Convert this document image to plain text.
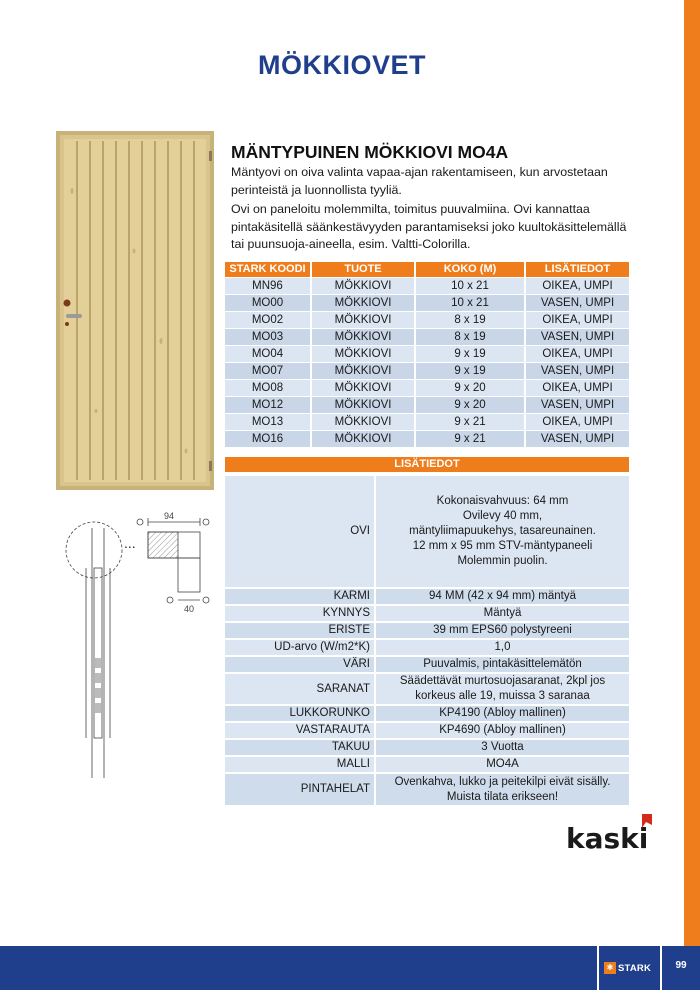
MÖKKIOVET
94
40
...
MÄNTYPUINEN MÖKKIOVI MO4A

Mäntyovi on oiva valinta vapaa-ajan rakentamiseen, kun arvostetaan perinteistä ja luonnollista tyyliä.

Ovi on paneloitu molemmilta, toimitus puuvalmiina. Ovi kannattaa pintakäsitellä säänkestävyyden parantamiseksi joko kuultokäsittelemällä tai puunsuoja-aineella, esim. Valtti-Colorilla.

STARK KOODI	TUOTE	KOKO (M)	LISÄTIEDOT
MN96	MÖKKIOVI	10 x 21	OIKEA, UMPI
MO00	MÖKKIOVI	10 x 21	VASEN, UMPI
MO02	MÖKKIOVI	8 x 19	OIKEA, UMPI
MO03	MÖKKIOVI	8 x 19	VASEN, UMPI
MO04	MÖKKIOVI	9 x 19	OIKEA, UMPI
MO07	MÖKKIOVI	9 x 19	VASEN, UMPI
MO08	MÖKKIOVI	9 x 20	OIKEA, UMPI
MO12	MÖKKIOVI	9 x 20	VASEN, UMPI
MO13	MÖKKIOVI	9 x 21	OIKEA, UMPI
MO16	MÖKKIOVI	9 x 21	VASEN, UMPI
LISÄTIEDOT
OVI	Kokonaisvahvuus: 64 mm
Ovilevy 40 mm, mäntyliimapuukehys, tasareunainen.
12 mm x 95 mm STV-mäntypaneeli
Molemmin puolin.

KARMI	94 MM (42 x 94 mm) mäntyä

KYNNYS	Mäntyä

ERISTE	39 mm EPS60 polystyreeni

UD-arvo (W/m2*K)	1,0

VÄRI	Puuvalmis, pintakäsittelemätön

SARANAT	Säädettävät murtosuojasaranat, 2kpl jos korkeus alle 19, muissa 3 saranaa

LUKKORUNKO	KP4190 (Abloy mallinen)

VASTARAUTA	KP4690 (Abloy mallinen)

TAKUU	3 Vuotta

MALLI	MO4A

PINTAHELAT	Ovenkahva, lukko ja peitekilpi eivät sisälly. Muista tilata erikseen!
kaski
MÖKKIOVET
✱ STARK	99
